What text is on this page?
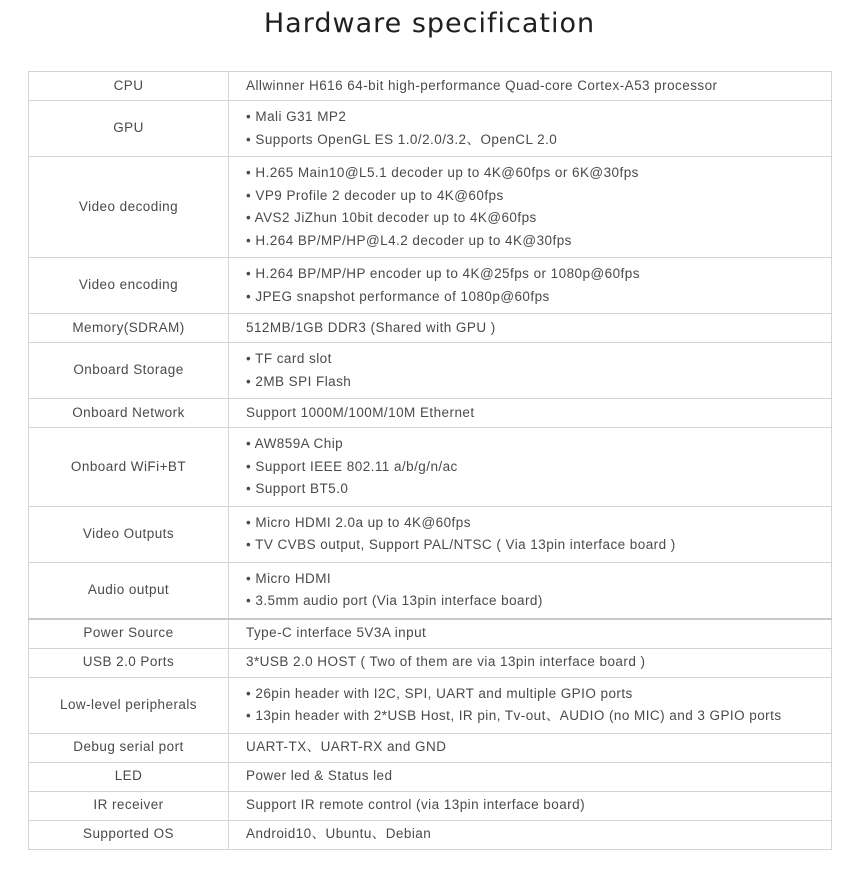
Hardware specification
CPU	Allwinner H616 64-bit high-performance Quad-core Cortex-A53 processor

GPU	• Mali G31 MP2
• Supports OpenGL ES 1.0/2.0/3.2、OpenCL 2.0

Video decoding	• H.265 Main10@L5.1 decoder up to 4K@60fps or 6K@30fps
• VP9 Profile 2 decoder up to 4K@60fps
• AVS2 JiZhun 10bit decoder up to 4K@60fps
• H.264 BP/MP/HP@L4.2 decoder up to 4K@30fps

Video encoding	• H.264 BP/MP/HP encoder up to 4K@25fps or 1080p@60fps
• JPEG snapshot performance of 1080p@60fps

Memory(SDRAM)	512MB/1GB DDR3 (Shared with GPU )

Onboard Storage	• TF card slot
• 2MB SPI Flash

Onboard Network	Support 1000M/100M/10M Ethernet

Onboard WiFi+BT	• AW859A Chip
• Support IEEE 802.11 a/b/g/n/ac
• Support BT5.0

Video Outputs	• Micro HDMI 2.0a up to 4K@60fps
• TV CVBS output, Support PAL/NTSC ( Via 13pin interface board )

Audio output	• Micro HDMI
• 3.5mm audio port (Via 13pin interface board)

Power Source	Type-C interface 5V3A input

USB 2.0 Ports	3*USB 2.0 HOST ( Two of them are via 13pin interface board )

Low-level peripherals	• 26pin header with I2C, SPI, UART and multiple GPIO ports
• 13pin header with 2*USB Host, IR pin, Tv-out、AUDIO (no MIC) and 3 GPIO ports

Debug serial port	UART-TX、UART-RX and GND

LED	Power led & Status led

IR receiver	Support IR remote control (via 13pin interface board)

Supported OS	Android10、Ubuntu、Debian
